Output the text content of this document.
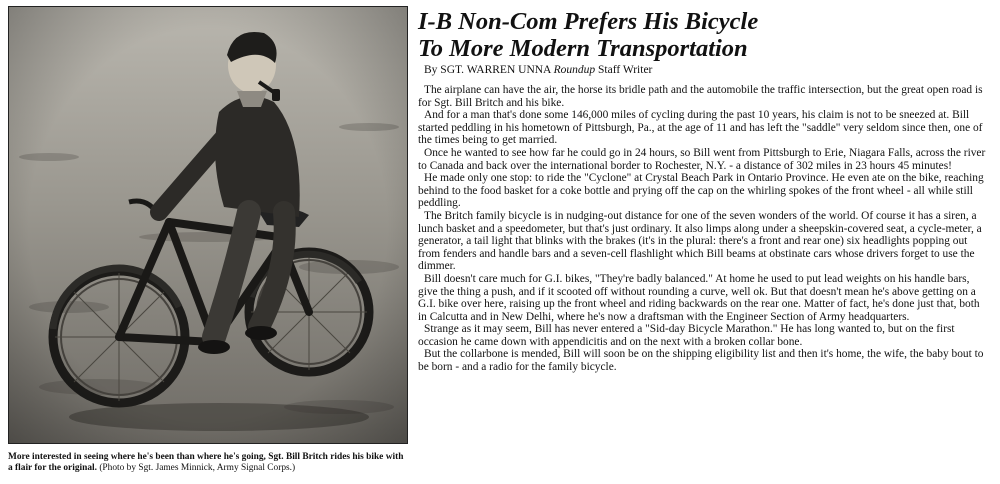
More interested in seeing where he's been than where he's going, Sgt. Bill Britch rides his bike with a flair for the original. (Photo by Sgt. James Minnick, Army Signal Corps.)
I-B Non-Com Prefers His Bicycle
To More Modern Transportation
By SGT. WARREN UNNA Roundup Staff Writer

The airplane can have the air, the horse its bridle path and the automobile the traffic intersection, but the great open road is for Sgt. Bill Britch and his bike.

And for a man that's done some 146,000 miles of cycling during the past 10 years, his claim is not to be sneezed at. Bill started peddling in his hometown of Pittsburgh, Pa., at the age of 11 and has left the "saddle" very seldom since then, one of the times being to get married.

Once he wanted to see how far he could go in 24 hours, so Bill went from Pittsburgh to Erie, Niagara Falls, across the river to Canada and back over the international border to Rochester, N.Y. - a distance of 302 miles in 23 hours 45 minutes!

He made only one stop: to ride the "Cyclone" at Crystal Beach Park in Ontario Province. He even ate on the bike, reaching behind to the food basket for a coke bottle and prying off the cap on the whirling spokes of the front wheel - all while still peddling.

The Britch family bicycle is in nudging-out distance for one of the seven wonders of the world. Of course it has a siren, a lunch basket and a speedometer, but that's just ordinary. It also limps along under a sheepskin-covered seat, a cycle-meter, a generator, a tail light that blinks with the brakes (it's in the plural: there's a front and rear one) six headlights popping out from fenders and handle bars and a seven-cell flashlight which Bill beams at obstinate cars whose drivers forget to use the dimmer.

Bill doesn't care much for G.I. bikes, "They're badly balanced." At home he used to put lead weights on his handle bars, give the thing a push, and if it scooted off without rounding a curve, well ok. But that doesn't mean he's above getting on a G.I. bike over here, raising up the front wheel and riding backwards on the rear one. Matter of fact, he's done just that, both in Calcutta and in New Delhi, where he's now a draftsman with the Engineer Section of Army headquarters.

Strange as it may seem, Bill has never entered a "Sid-day Bicycle Marathon." He has long wanted to, but on the first occasion he came down with appendicitis and on the next with a broken collar bone.

But the collarbone is mended, Bill will soon be on the shipping eligibility list and then it's home, the wife, the baby bout to be born - and a radio for the family bicycle.
